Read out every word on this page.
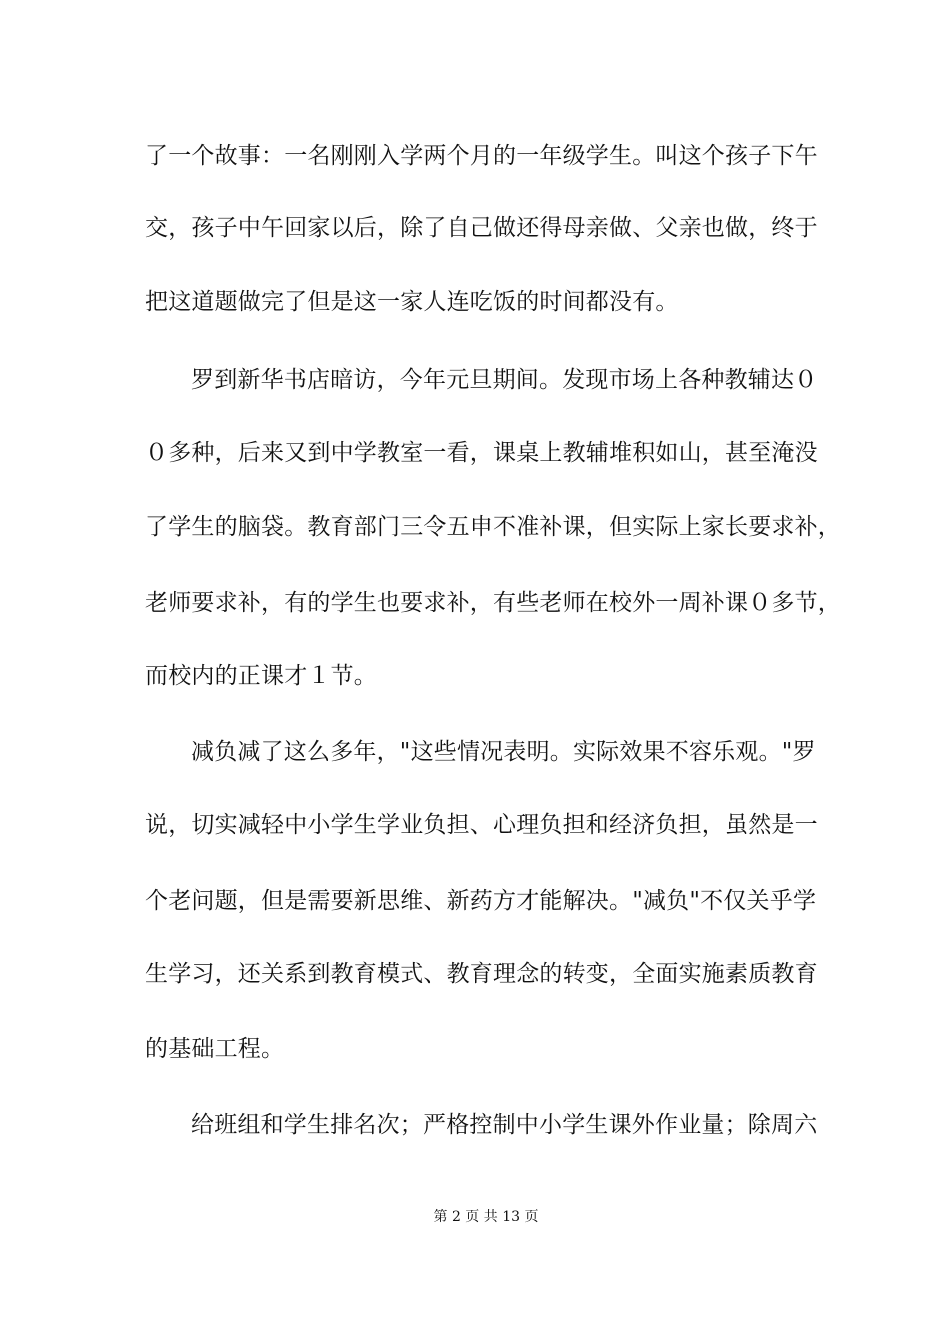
了一个故事：一名刚刚入学两个月的一年级学生。叫这个孩子下午
交，孩子中午回家以后，除了自己做还得母亲做、父亲也做，终于
把这道题做完了但是这一家人连吃饭的时间都没有。
罗到新华书店暗访，今年元旦期间。发现市场上各种教辅达０
０多种，后来又到中学教室一看，课桌上教辅堆积如山，甚至淹没
了学生的脑袋。教育部门三令五申不准补课，但实际上家长要求补，
老师要求补，有的学生也要求补，有些老师在校外一周补课０多节，
而校内的正课才１节。
减负减了这么多年，"这些情况表明。实际效果不容乐观。"罗
说，切实减轻中小学生学业负担、心理负担和经济负担，虽然是一
个老问题，但是需要新思维、新药方才能解决。"减负"不仅关乎学
生学习，还关系到教育模式、教育理念的转变，全面实施素质教育
的基础工程。
给班组和学生排名次；严格控制中小学生课外作业量；除周六
第 2 页 共 13 页
